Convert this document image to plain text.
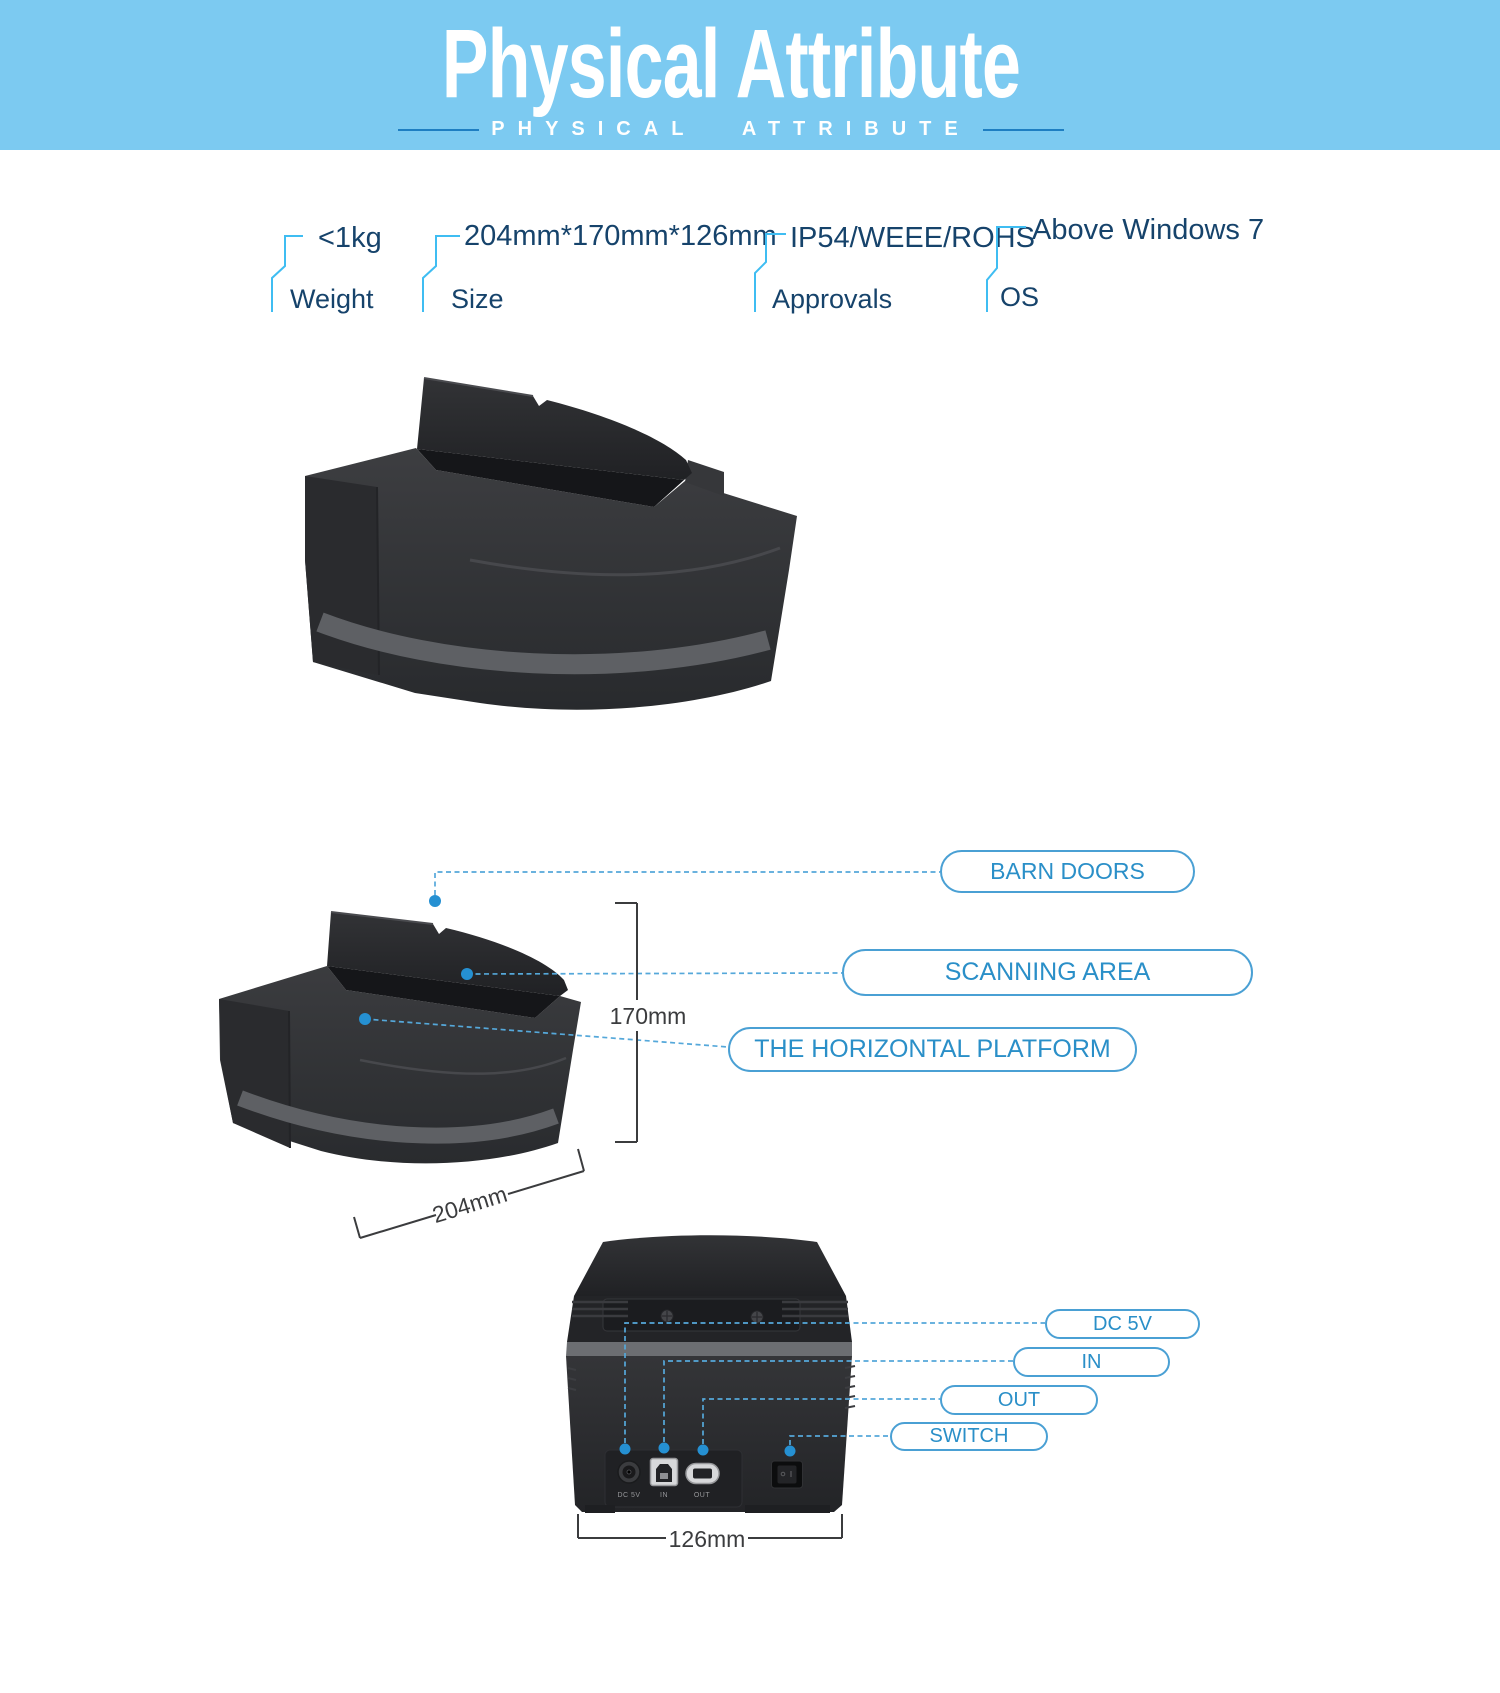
Physical Attribute
PHYSICAL ATTRIBUTE
<1kg
Weight
204mm*170mm*126mm
Size
IP54/WEEE/ROHS
Approvals
Above Windows 7
OS
BARN DOORS
SCANNING AREA
THE HORIZONTAL PLATFORM
DC 5V
IN
OUT
SWITCH
DC 5V	IN	OUT
170mm
204mm
126mm
